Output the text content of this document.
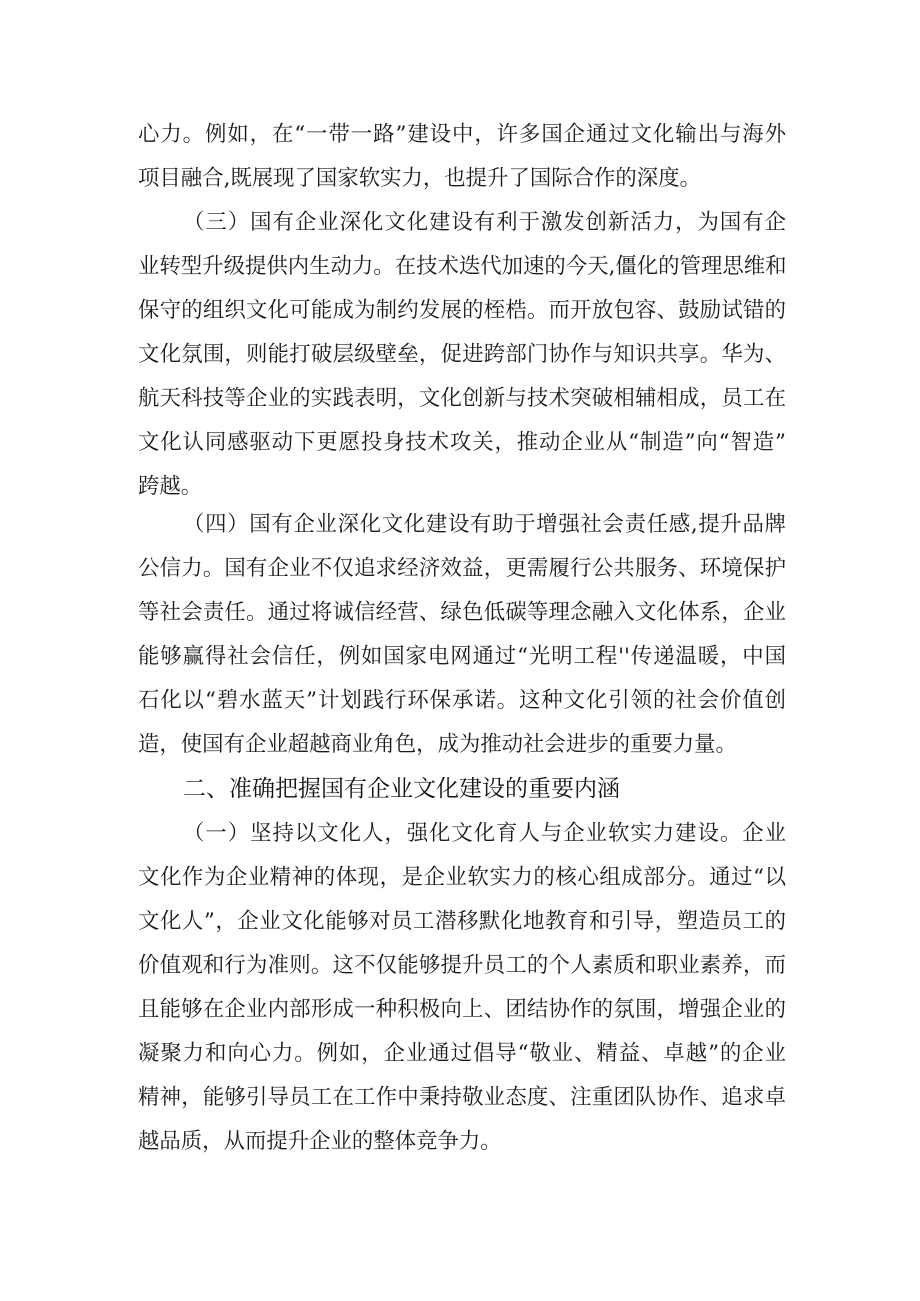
心力。例如，在“一带一路”建设中，许多国企通过文化输出与海外
项目融合,既展现了国家软实力，也提升了国际合作的深度。
（三）国有企业深化文化建设有利于激发创新活力，为国有企
业转型升级提供内生动力。在技术迭代加速的今天,僵化的管理思维和
保守的组织文化可能成为制约发展的桎梏。而开放包容、鼓励试错的
文化氛围，则能打破层级壁垒，促进跨部门协作与知识共享。华为、
航天科技等企业的实践表明，文化创新与技术突破相辅相成，员工在
文化认同感驱动下更愿投身技术攻关，推动企业从“制造”向“智造”
跨越。
（四）国有企业深化文化建设有助于增强社会责任感,提升品牌
公信力。国有企业不仅追求经济效益，更需履行公共服务、环境保护
等社会责任。通过将诚信经营、绿色低碳等理念融入文化体系，企业
能够赢得社会信任，例如国家电网通过“光明工程''传递温暖，中国
石化以“碧水蓝天”计划践行环保承诺。这种文化引领的社会价值创
造，使国有企业超越商业角色，成为推动社会进步的重要力量。
二、准确把握国有企业文化建设的重要内涵
（一）坚持以文化人，强化文化育人与企业软实力建设。企业
文化作为企业精神的体现，是企业软实力的核心组成部分。通过“以
文化人”，企业文化能够对员工潜移默化地教育和引导，塑造员工的
价值观和行为准则。这不仅能够提升员工的个人素质和职业素养，而
且能够在企业内部形成一种积极向上、团结协作的氛围，增强企业的
凝聚力和向心力。例如，企业通过倡导“敬业、精益、卓越”的企业
精神，能够引导员工在工作中秉持敬业态度、注重团队协作、追求卓
越品质，从而提升企业的整体竞争力。
